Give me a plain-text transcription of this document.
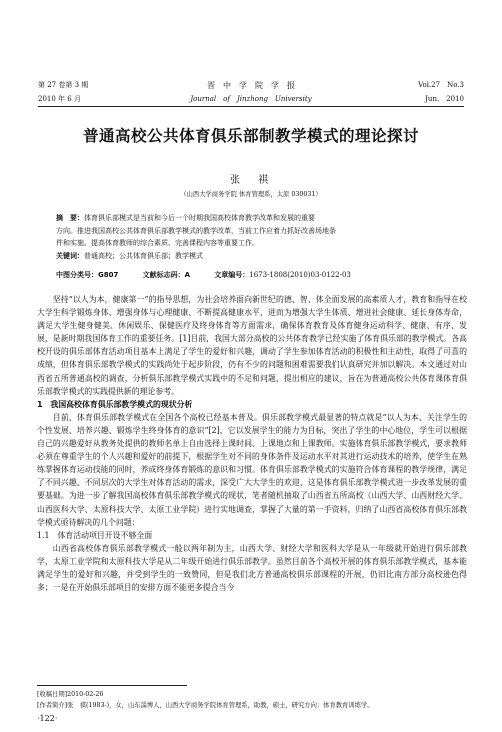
第 27 卷第 3 期
2010 年 6 月
晋　中　学　院　学　报
Journal　of　Jinzhong　University
Vol.27　No.3
Jun.　2010
普通高校公共体育俱乐部制教学模式的理论探讨
张　祺
（山西大学商务学院 体育管理系，太原 030031）
摘　要：体育俱乐部模式是当前和今后一个时期我国高校体育教学改革和发展的重要
方向。推进我国高校公共体育俱乐部教学模式的教学改革，当前工作应着力抓好改善场地条
件和实施、提高体育教师的综合素质、完善课程内容等重要工作。
关键词：普通高校；公共体育俱乐部；教学模式
中图分类号：G807	文献标志码：A	文章编号：1673-1808(2010)03-0122-03

坚持“以人为本，健康第一”的指导思想，为社会培养面向新世纪的德、智、体全面发展的高素质人才，教育和指导在校大学生科学锻炼身体、增强身体与心理健康、不断提高健康水平，进而为增强大学生体质、增进社会健康、延长身体寿命，满足大学生健身健美、休闲娱乐、保健医疗及终身体育等方面需求，确保体育教育及体育健身运动科学、健康、有序、发展，是新时期我国体育工作的重要任务。[1]目前，我国大部分高校的公共体育教学已经实施了体育俱乐部的教学模式。各高校开设的俱乐部体育活动项目基本上满足了学生的爱好和兴趣，调动了学生参加体育活动的积极性和主动性，取得了可喜的成绩，但体育俱乐部教学模式的实践尚处于起步阶段，仍有不少的问题和困难需要我们认真研究并加以解决。本文通过对山西省五所普通高校的调查，分析俱乐部教学模式实践中的不足和问题，提出相应的建议，旨在为普通高校公共体育课体育俱乐部教学模式的实践提供新的理论参考。

1　我国高校体育俱乐部教学模式的现状分析

目前，体育俱乐部教学模式在全国各个高校已经基本普及。俱乐部教学模式最显著的特点就是“以人为本、关注学生的个性发展、培养兴趣、锻炼学生终身体育的意识”[2]，它以发展学生的能力为目标，突出了学生的中心地位，学生可以根据自己的兴趣爱好从教务处提供的教师名单上自由选择上课时间、上课地点和上课教师。实施体育俱乐部教学模式，要求教师必须在尊重学生的个人兴趣和爱好的前提下，根据学生对不同的身体条件及运动水平对其进行运动技术的培养，使学生在熟练掌握体育运动技能的同时，养成终身体育锻炼的意识和习惯。体育俱乐部教学模式的实施符合体育课程的教学规律，满足了不同兴趣、不同层次的大学生对体育活动的需求，深受广大大学生的欢迎，这是体育俱乐部教学模式进一步改革发展的重要基础。为进一步了解我国高校体育俱乐部教学模式的现状，笔者随机抽取了山西省五所高校（山西大学、山西财经大学、山西医科大学、太原科技大学、太原工业学院）进行实地调查，掌握了大量的第一手资料，归纳了山西省高校体育俱乐部教学模式亟待解决的几个问题：

1.1　体育活动项目开设不够全面

山西省高校体育俱乐部教学模式一般以两年制为主，山西大学、财经大学和医科大学是从一年级就开始进行俱乐部教学，太原工业学院和太原科技大学是从二年级开始进行俱乐部教学。虽然目前各个高校开展的体育俱乐部教学模式，基本能满足学生的爱好和兴趣，并受到学生的一致赞同，但是我们北方普通高校俱乐部课程的开展，仍旧比南方部分高校逊色得多；一是在开始俱乐部项目的安排方面不能更多提合当今

[收稿日期]2010-02-26
[作者简介]张　祺(1983-)，女，山东淄博人，山西大学商务学院体育管理系，助教，硕士，研究方向：体育教育训练学。
·122·
